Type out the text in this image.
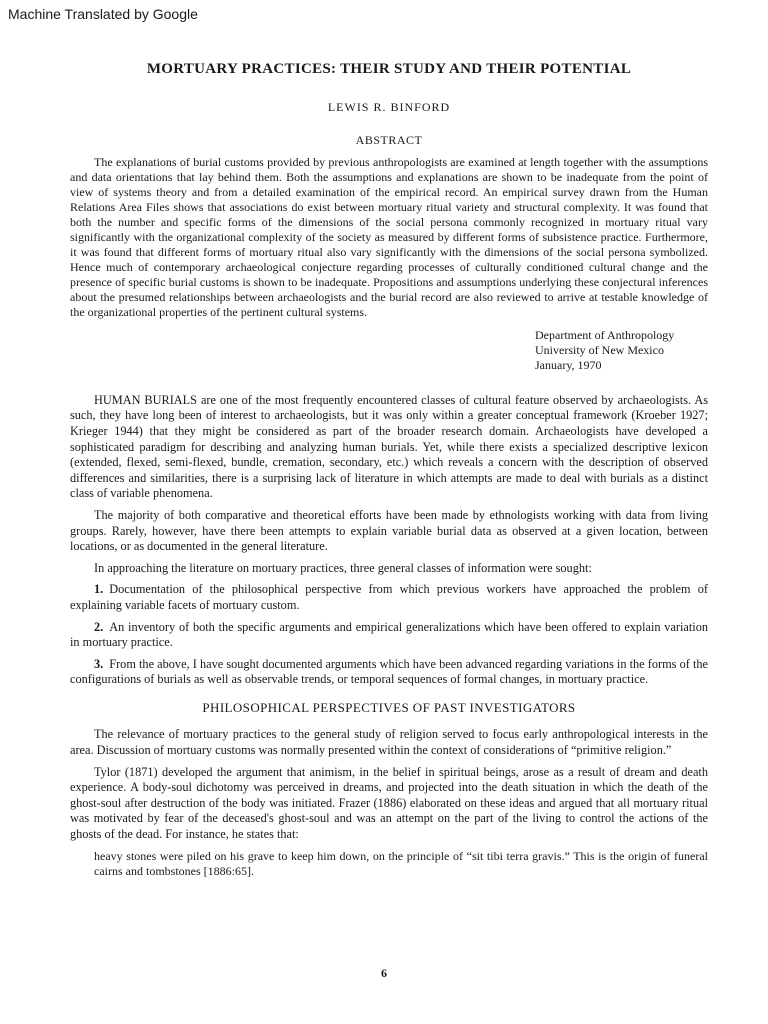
Machine Translated by Google
MORTUARY PRACTICES: THEIR STUDY AND THEIR POTENTIAL
LEWIS R. BINFORD
ABSTRACT

The explanations of burial customs provided by previous anthropologists are examined at length together with the assumptions and data orientations that lay behind them. Both the assumptions and explanations are shown to be inadequate from the point of view of systems theory and from a detailed examination of the empirical record. An empirical survey drawn from the Human Relations Area Files shows that associations do exist between mortuary ritual variety and structural complexity. It was found that both the number and specific forms of the dimensions of the social persona commonly recognized in mortuary ritual vary significantly with the organizational complexity of the society as measured by different forms of subsistence practice. Furthermore, it was found that different forms of mortuary ritual also vary significantly with the dimensions of the social persona symbolized. Hence much of contemporary archaeological conjecture regarding processes of culturally conditioned cultural change and the presence of specific burial customs is shown to be inadequate. Propositions and assumptions underlying these conjectural inferences about the presumed relationships between archaeologists and the burial record are also reviewed to arrive at testable knowledge of the organizational properties of the pertinent cultural systems.

Department of Anthropology
University of New Mexico
January, 1970

HUMAN BURIALS are one of the most frequently encountered classes of cultural feature observed by archaeologists. As such, they have long been of interest to archaeologists, but it was only within a greater conceptual framework (Kroeber 1927; Krieger 1944) that they might be considered as part of the broader research domain. Archaeologists have developed a sophisticated paradigm for describing and analyzing human burials. Yet, while there exists a specialized descriptive lexicon (extended, flexed, semi-flexed, bundle, cremation, secondary, etc.) which reveals a concern with the description of observed differences and similarities, there is a surprising lack of literature in which attempts are made to deal with burials as a distinct class of variable phenomena.

The majority of both comparative and theoretical efforts have been made by ethnologists working with data from living groups. Rarely, however, have there been attempts to explain variable burial data as observed at a given location, between locations, or as documented in the general literature.

In approaching the literature on mortuary practices, three general classes of information were sought:

1. Documentation of the philosophical perspective from which previous workers have approached the problem of explaining variable facets of mortuary custom.
2. An inventory of both the specific arguments and empirical generalizations which have been offered to explain variation in mortuary practice.
3. From the above, I have sought documented arguments which have been advanced regarding variations in the forms of the configurations of burials as well as observable trends, or temporal sequences of formal changes, in mortuary practice.
PHILOSOPHICAL PERSPECTIVES OF PAST INVESTIGATORS

The relevance of mortuary practices to the general study of religion served to focus early anthropological interests in the area. Discussion of mortuary customs was normally presented within the context of considerations of “primitive religion.”

Tylor (1871) developed the argument that animism, in the belief in spiritual beings, arose as a result of dream and death experience. A body-soul dichotomy was perceived in dreams, and projected into the death situation in which the death of the ghost-soul after destruction of the body was initiated. Frazer (1886) elaborated on these ideas and argued that all mortuary ritual was motivated by fear of the deceased's ghost-soul and was an attempt on the part of the living to control the actions of the ghosts of the dead. For instance, he states that:

heavy stones were piled on his grave to keep him down, on the principle of “sit tibi terra gravis.” This is the origin of funeral cairns and tombstones [1886:65].

6
